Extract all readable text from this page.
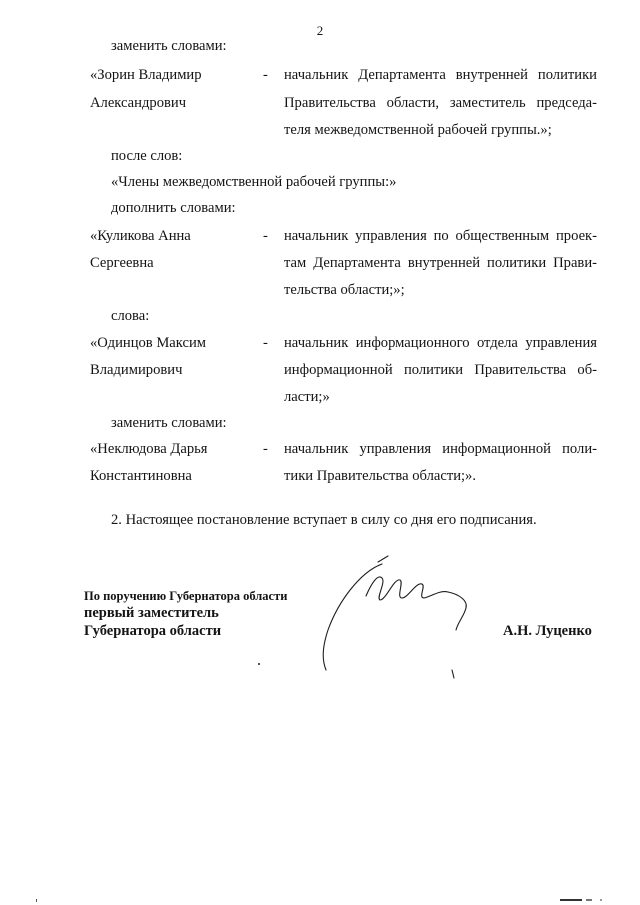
2
заменить словами:
«Зорин Владимир
Александрович
- начальник Департамента внутренней политики
Правительства области, заместитель председа-
теля межведомственной рабочей группы.»;
после слов:
«Члены межведомственной рабочей группы:»
дополнить словами:
«Куликова Анна
Сергеевна
- начальник управления по общественным проек-
там Департамента внутренней политики Прави-
тельства области;»;
слова:
«Одинцов Максим
Владимирович
- начальник информационного отдела управления
информационной политики Правительства об-
ласти;»
заменить словами:
«Неклюдова Дарья
Константиновна
- начальник управления информационной поли-
тики Правительства области;».
2. Настоящее постановление вступает в силу со дня его подписания.
По поручению Губернатора области
первый заместитель
Губернатора области	А.Н. Луценко
